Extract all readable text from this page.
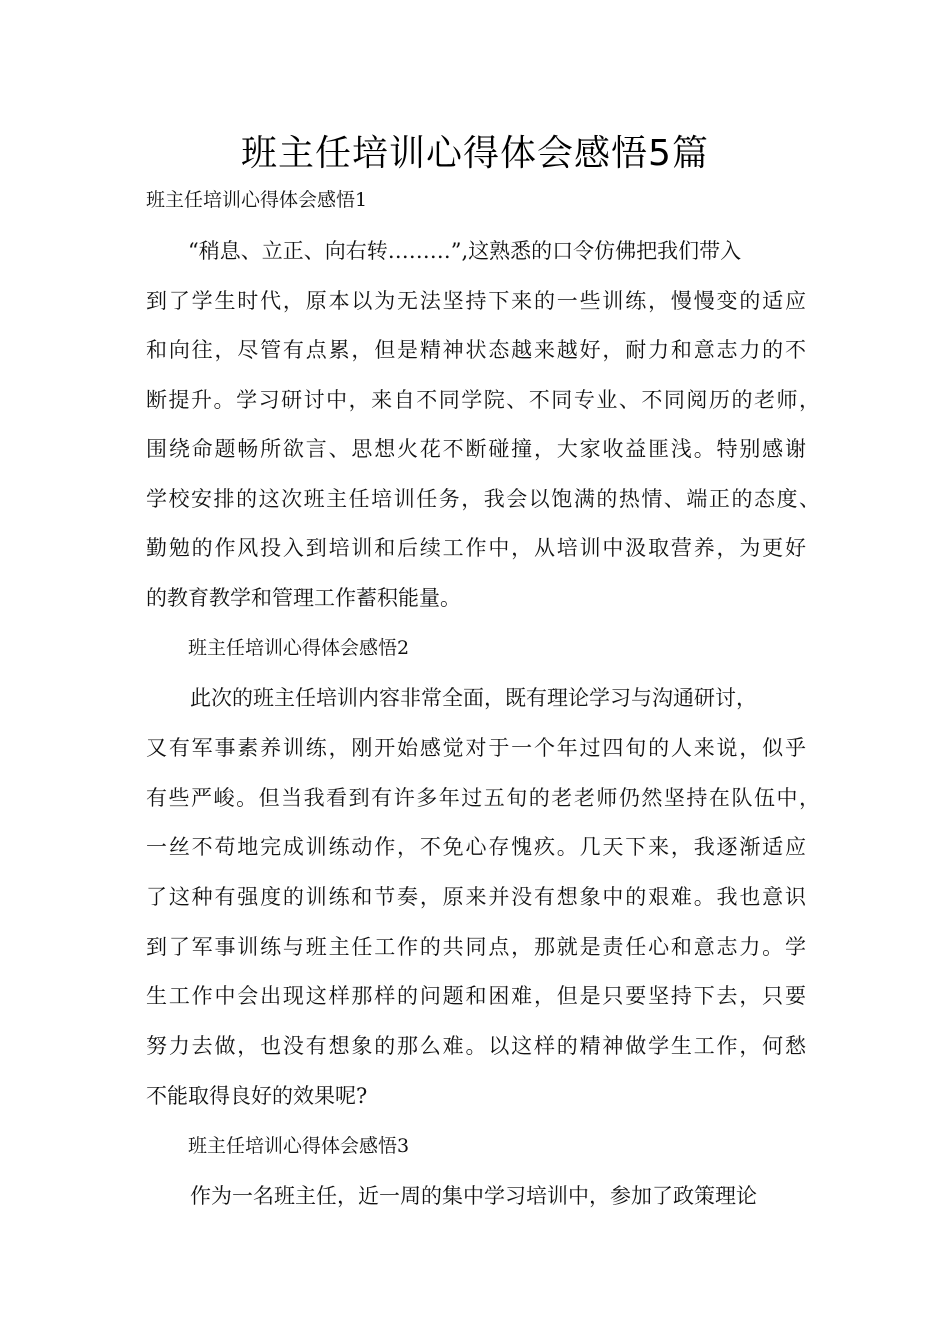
班主任培训心得体会感悟5篇
班主任培训心得体会感悟1
“稍息、立正、向右转………”,这熟悉的口令仿佛把我们带入
到了学生时代，原本以为无法坚持下来的一些训练，慢慢变的适应
和向往，尽管有点累，但是精神状态越来越好，耐力和意志力的不
断提升。学习研讨中，来自不同学院、不同专业、不同阅历的老师，
围绕命题畅所欲言、思想火花不断碰撞，大家收益匪浅。特别感谢
学校安排的这次班主任培训任务，我会以饱满的热情、端正的态度、
勤勉的作风投入到培训和后续工作中，从培训中汲取营养，为更好
的教育教学和管理工作蓄积能量。
班主任培训心得体会感悟2
此次的班主任培训内容非常全面，既有理论学习与沟通研讨，
又有军事素养训练，刚开始感觉对于一个年过四旬的人来说，似乎
有些严峻。但当我看到有许多年过五旬的老老师仍然坚持在队伍中，
一丝不苟地完成训练动作，不免心存愧疚。几天下来，我逐渐适应
了这种有强度的训练和节奏，原来并没有想象中的艰难。我也意识
到了军事训练与班主任工作的共同点，那就是责任心和意志力。学
生工作中会出现这样那样的问题和困难，但是只要坚持下去，只要
努力去做，也没有想象的那么难。以这样的精神做学生工作，何愁
不能取得良好的效果呢?
班主任培训心得体会感悟3
作为一名班主任，近一周的集中学习培训中，参加了政策理论
